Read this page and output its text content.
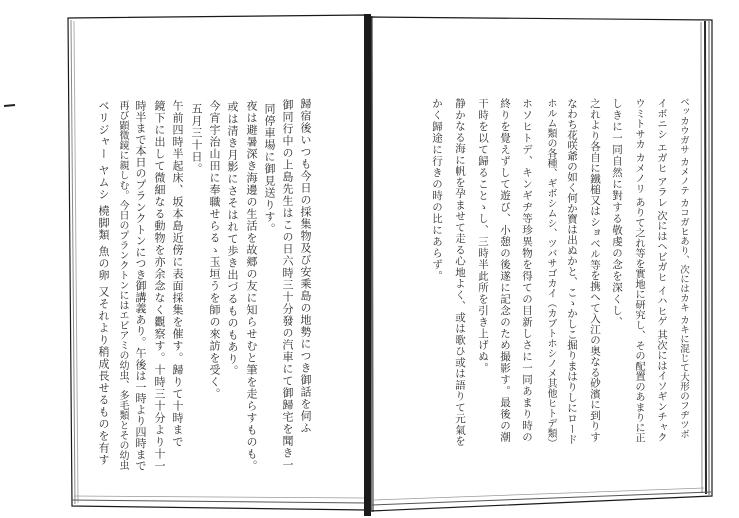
歸宿後いつも今日の採集物及び安乘島の地勢につき御話を伺ふ
御同行中の上島先生はこの日六時三十分發の汽車にて御歸宅を聞き一
同停車場に御見送りす。
夜は避暑深き海邊の生活を故郷の友に知らせむと筆を走らすものも。
或は清き月影にさそはれて歩き出づるものもあり。
今宵宇治山田に奉職せらるゝ玉垣うを師の來訪を受く。
五月三十日。
午前四時半起床、坂本島近傍に表面採集を催す。歸りて十時まで
鏡下に出して微細なる動物を亦余念なく觀察す。十時三十分より十一
時半まで本日のプランクトンにつき御講義あり。午後は一時より四時まで
再び顕微鏡に親しむ。今日のプランクトンにはエビアミの幼虫、多毛類とその幼虫
ベリジャー ヤムシ 橈脚類 魚の卵 又それより稍成長せるものを有す	ベッカウガサ カメノテ カコガヒあり、次にはカキ カキに混じて大形のフヂツボ
イボニシ エガヒ アラレ 次にはヘビガヒ イハヒゲ 其次にはイソギンチャク
ウミトサカ カメノリ ありて之れ等を實地に研究し、その配置のあまりに正
しきに一同自然に對する敬虔の念を深くし、
之れより各自に鐵槌又はショベル等を携へて入江の奥なる砂濱に到りす
なわち花咲爺の如く何か寶は出ぬかと、こゝかしこ掘りまはりしにロード
ホルム類の各種、ギボシムシ、ツバサゴカイ（カブトホシノメ其他ヒトデ類）
ホソヒトデ、キンギヂ等珍異物を得ての目新しさに一同あまり時の
終りを覺えずして遊び、小憩の後遂に記念のため撮影す。最後の潮
干時を以て歸ることゝし、三時半此所を引き上げぬ。
静かなる海に帆を孕ませて走る心地よく、或は歌ひ或は語りて元氣を
かく歸途に行きの時の比にあらず。
